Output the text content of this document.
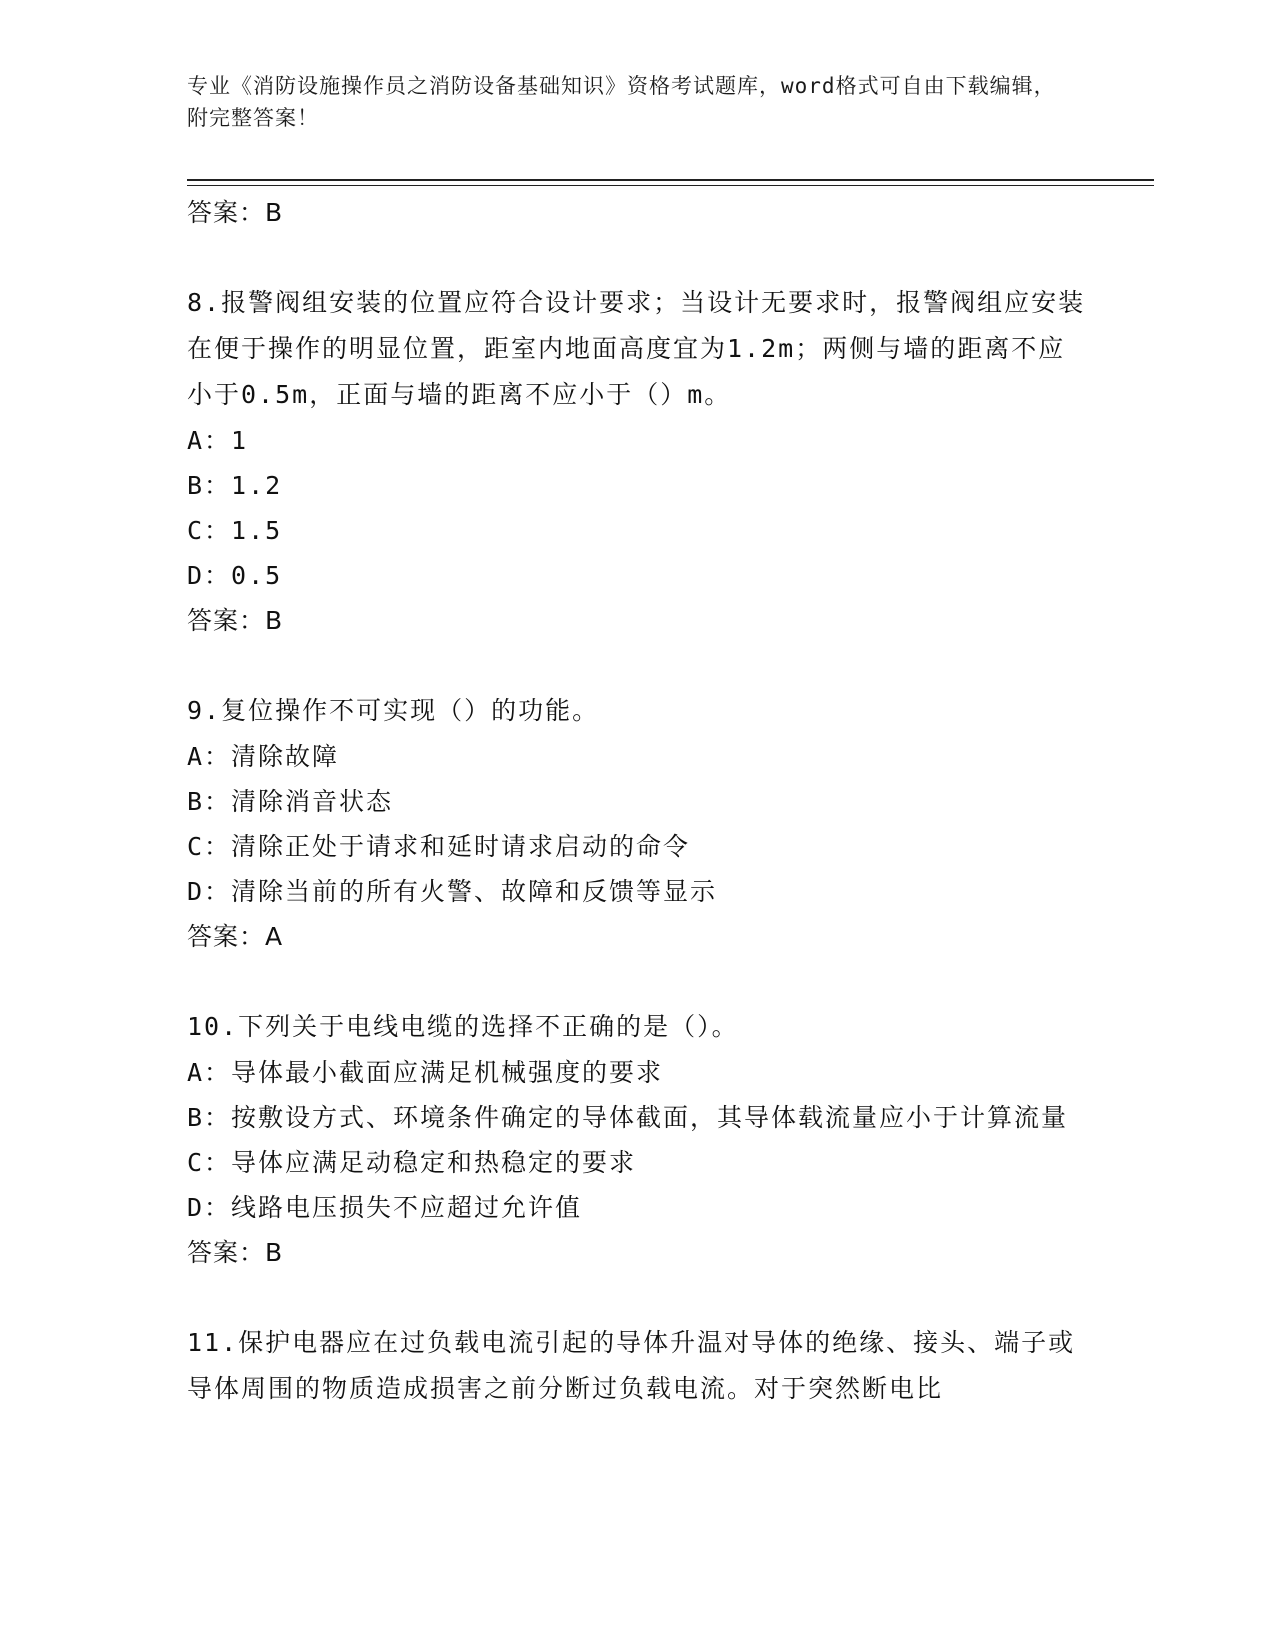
专业《消防设施操作员之消防设备基础知识》资格考试题库，word格式可自由下载编辑，附完整答案！
答案：B

8.报警阀组安装的位置应符合设计要求；当设计无要求时，报警阀组应安装在便于操作的明显位置，距室内地面高度宜为1.2m；两侧与墙的距离不应小于0.5m，正面与墙的距离不应小于（）m。

A：1

B：1.2

C：1.5

D：0.5

答案：B

9.复位操作不可实现（）的功能。

A：清除故障

B：清除消音状态

C：清除正处于请求和延时请求启动的命令

D：清除当前的所有火警、故障和反馈等显示

答案：A

10.下列关于电线电缆的选择不正确的是（）。

A：导体最小截面应满足机械强度的要求

B：按敷设方式、环境条件确定的导体截面，其导体载流量应小于计算流量

C：导体应满足动稳定和热稳定的要求

D：线路电压损失不应超过允许值

答案：B

11.保护电器应在过负载电流引起的导体升温对导体的绝缘、接头、端子或导体周围的物质造成损害之前分断过负载电流。对于突然断电比
